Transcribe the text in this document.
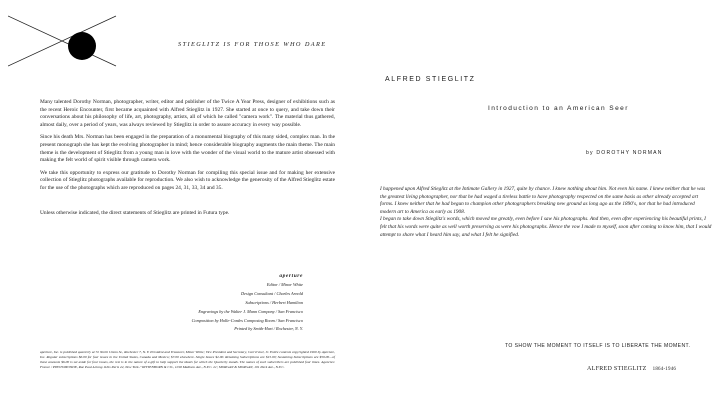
STIEGLITZ IS FOR THOSE WHO DARE

Many talented Dorothy Norman, photographer, writer, editor and publisher of the Twice A Year Press, designer of exhibitions such as the recent Heroic Encounter, first became acquainted with Alfred Stieglitz in 1927. She started at once to query, and take down their conversations about his philosophy of life, art, photography, artists, all of which he called "camera work". The material thus gathered, almost daily, over a period of years, was always reviewed by Stieglitz in order to assure accuracy in every way possible.

Since his death Mrs. Norman has been engaged in the preparation of a monumental biography of this many sided, complex man. In the present monograph she has kept the evolving photographer in mind; hence considerable biography augments the main theme. The main theme is the development of Stieglitz from a young man in love with the wonder of the visual world to the mature artist obsessed with making the felt world of spirit visible through camera work.

We take this opportunity to express our gratitude to Dorothy Norman for compiling this special issue and for making her extensive collection of Stieglitz photographs available for reproduction. We also wish to acknowledge the generosity of the Alfred Stieglitz estate for the use of the photographs which are reproduced on pages 24, 31, 33, 34 and 35.

Unless otherwise indicated, the direct statements of Stieglitz are printed in Futura type.

aperture
Editor / Minor White
Design Consultant / Charles Arnold
Subscriptions / Herbert Hamilton
Engravings by the Walter J. Mann Company / San Francisco
Composition by Holle-Cordes Composing Room / San Francisco
Printed by Smith-Hart / Rochester, N. Y.
aperture, Inc. is published quarterly at 72 North Union St., Rochester 7, N. Y. President and Treasurer, Minor White; Vice President and Secretary, Carl Irvner, Jr. Entire contents copyrighted 1960 by Aperture, Inc. Regular subscriptions $6.00 for four issues in the United States, Canada and Mexico; $7.00 elsewhere. Single Issues $2.00. Retaining Subscriptions are $15.00; Sustaining Subscriptions are $50.00—of these amounts $6.00 is set aside for four issues, the rest is in the nature of a gift to help support the ideals for which the Quarterly stands. The names of such subscribers are published four times. Agencies: France / PHOTOMONDE, Rue Paul-Lelong 11bis Paris 22, New York / WITTENBORN & CO., 1018 Madison Ave., N.Y.C. 21; MORGAN & MORGAN, 101 Park Ave., N.Y.C.
ALFRED STIEGLITZ
Introduction to an American Seer
by DOROTHY NORMAN

I happened upon Alfred Stieglitz at the Intimate Gallery in 1927, quite by chance. I knew nothing about him. Not even his name. I knew neither that he was the greatest living photographer, nor that he had waged a tireless battle to have photography respected on the same basis as other already accepted art forms. I knew neither that he had begun to champion other photographers breaking new ground as long ago as the 1890's, nor that he had introduced modern art to America as early as 1908.

I began to take down Stieglitz's words, which moved me greatly, even before I saw his photographs. And then, even after experiencing his beautiful prints, I felt that his words were quite as well worth preserving as were his photographs. Hence the vow I made to myself, soon after coming to know him, that I would attempt to share what I heard him say, and what I felt he signified.

TO SHOW THE MOMENT TO ITSELF IS TO LIBERATE THE MOMENT.
ALFRED STIEGLITZ 1864-1946
